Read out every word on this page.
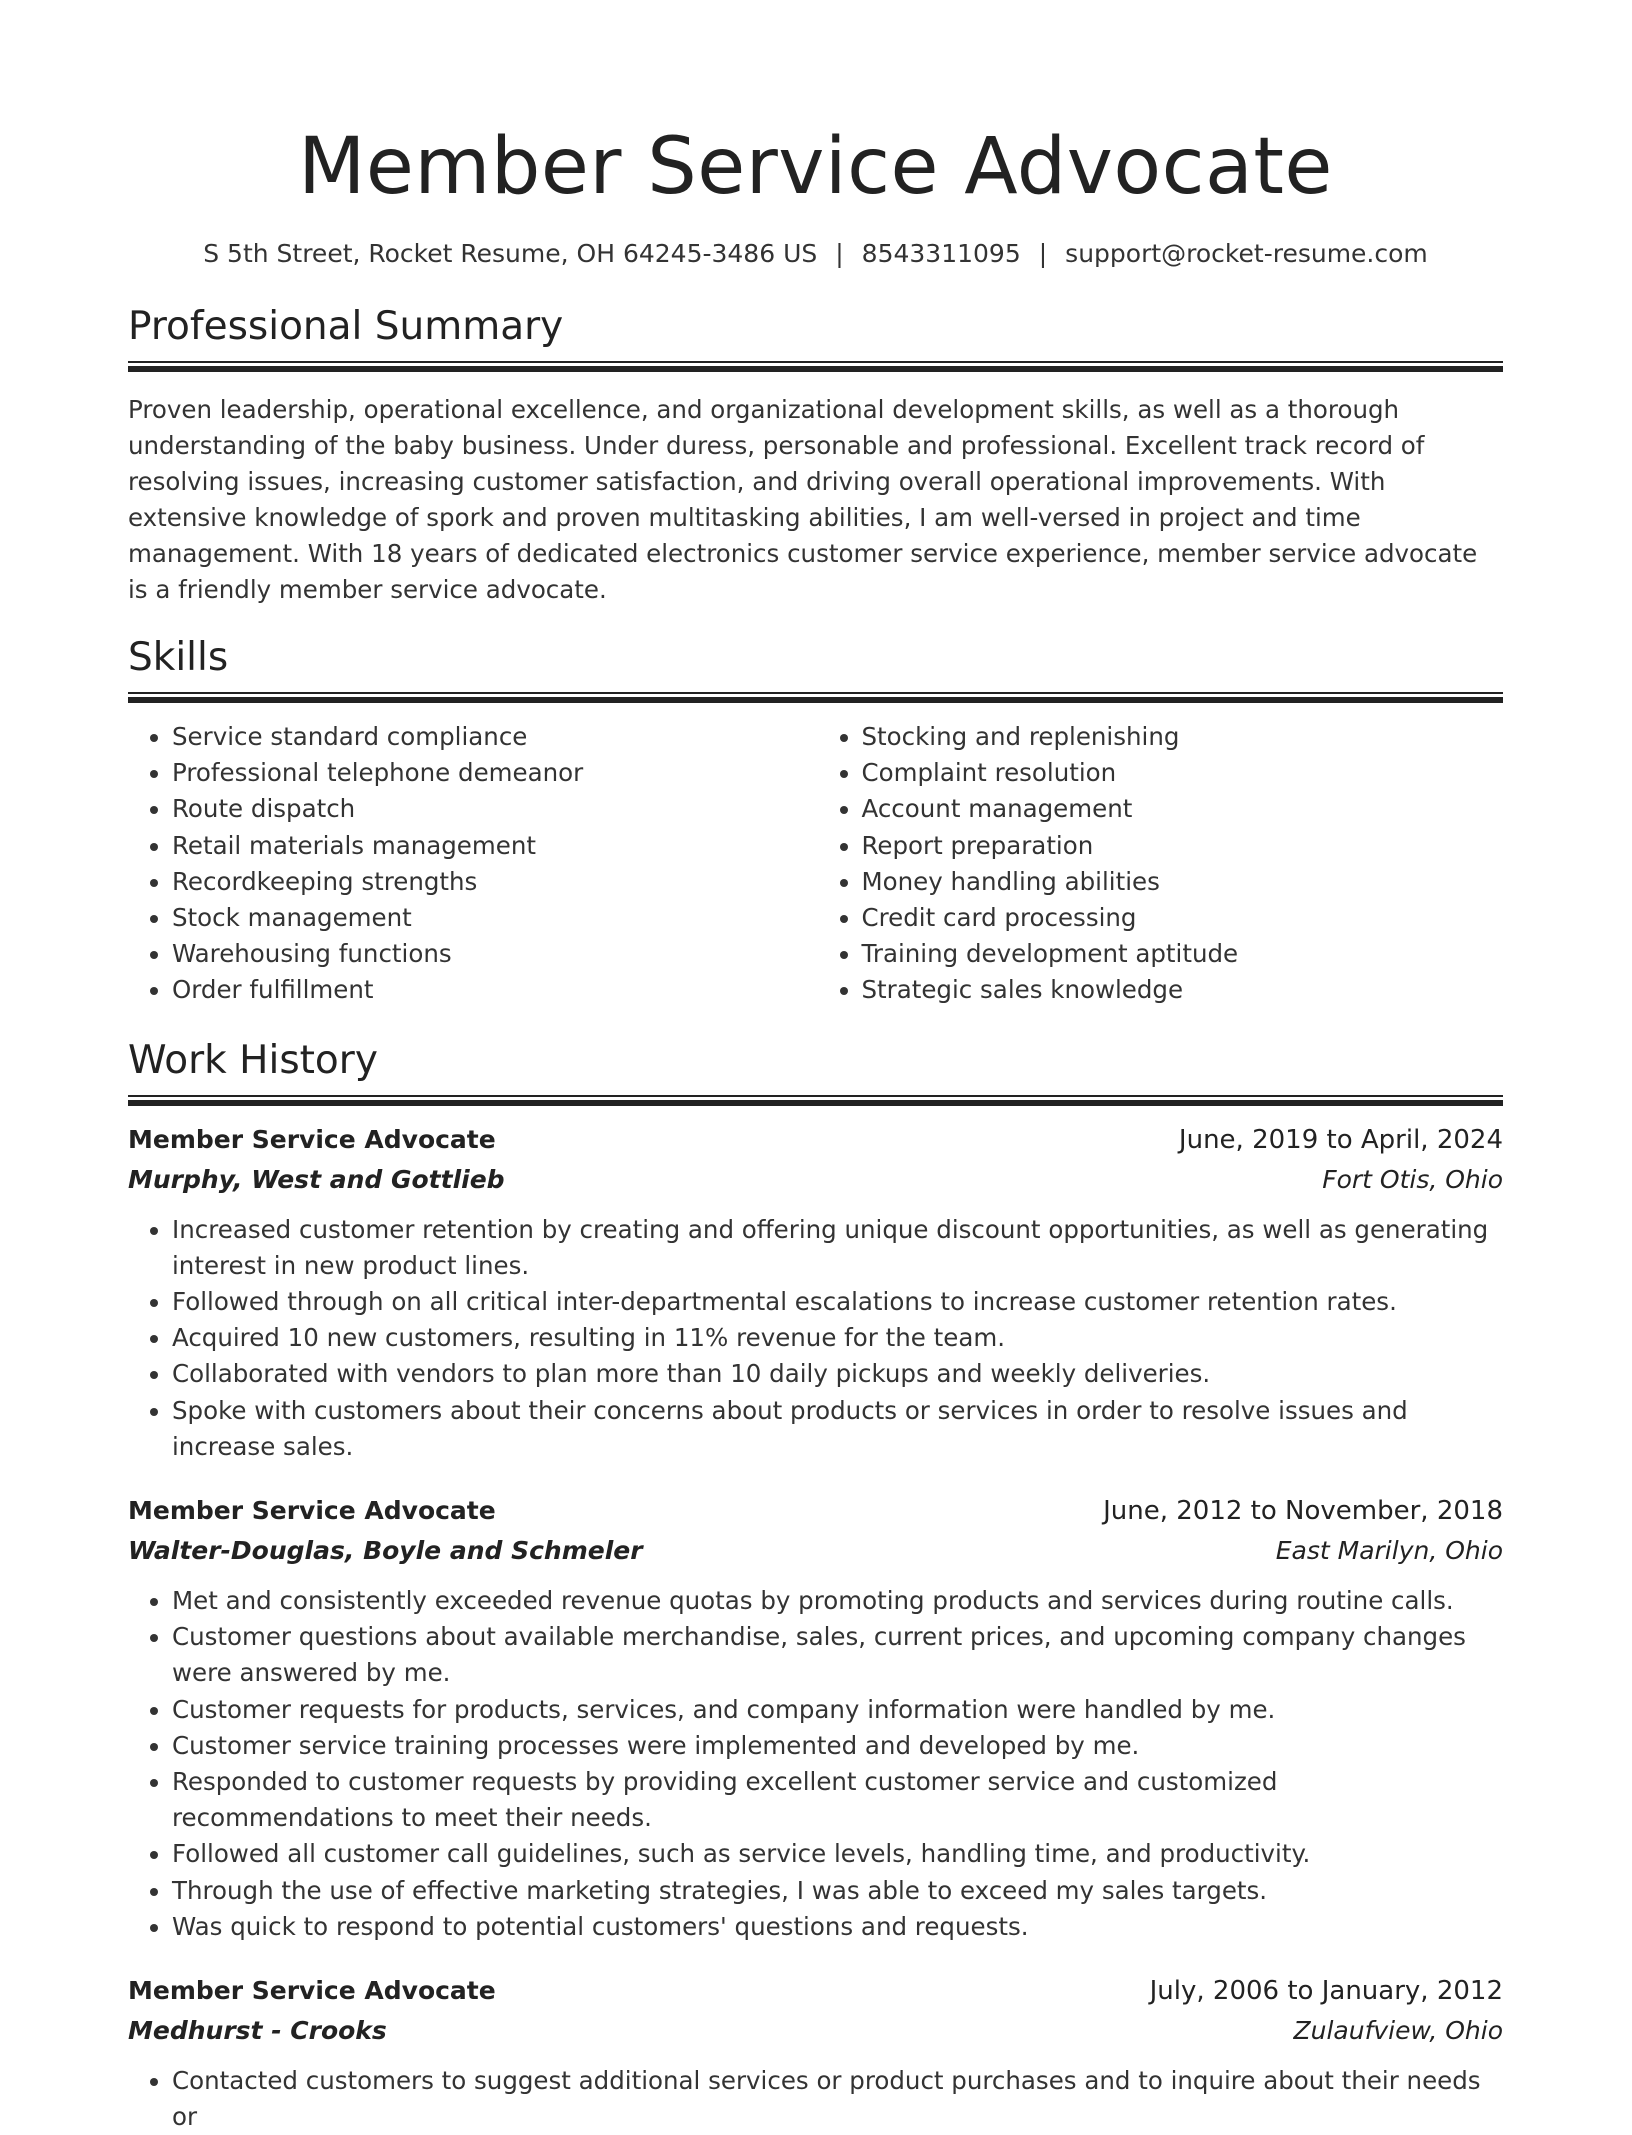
Member Service Advocate
S 5th Street, Rocket Resume, OH 64245-3486 US | 8543311095 | support@rocket-resume.com
Professional Summary

Proven leadership, operational excellence, and organizational development skills, as well as a thorough understanding of the baby business. Under duress, personable and professional. Excellent track record of resolving issues, increasing customer satisfaction, and driving overall operational improvements. With extensive knowledge of spork and proven multitasking abilities, I am well-versed in project and time management. With 18 years of dedicated electronics customer service experience, member service advocate is a friendly member service advocate.

Skills
• Service standard compliance
• Professional telephone demeanor
• Route dispatch
• Retail materials management
• Recordkeeping strengths
• Stock management
• Warehousing functions
• Order fulfillment
• Stocking and replenishing
• Complaint resolution
• Account management
• Report preparation
• Money handling abilities
• Credit card processing
• Training development aptitude
• Strategic sales knowledge
Work History
Member Service Advocate	June, 2019 to April, 2024
Murphy, West and Gottlieb	Fort Otis, Ohio
• Increased customer retention by creating and offering unique discount opportunities, as well as generating interest in new product lines.
• Followed through on all critical inter-departmental escalations to increase customer retention rates.
• Acquired 10 new customers, resulting in 11% revenue for the team.
• Collaborated with vendors to plan more than 10 daily pickups and weekly deliveries.
• Spoke with customers about their concerns about products or services in order to resolve issues and increase sales.
Member Service Advocate	June, 2012 to November, 2018
Walter-Douglas, Boyle and Schmeler	East Marilyn, Ohio
• Met and consistently exceeded revenue quotas by promoting products and services during routine calls.
• Customer questions about available merchandise, sales, current prices, and upcoming company changes were answered by me.
• Customer requests for products, services, and company information were handled by me.
• Customer service training processes were implemented and developed by me.
• Responded to customer requests by providing excellent customer service and customized recommendations to meet their needs.
• Followed all customer call guidelines, such as service levels, handling time, and productivity.
• Through the use of effective marketing strategies, I was able to exceed my sales targets.
• Was quick to respond to potential customers' questions and requests.
Member Service Advocate	July, 2006 to January, 2012
Medhurst - Crooks	Zulaufview, Ohio
• Contacted customers to suggest additional services or product purchases and to inquire about their needs or
